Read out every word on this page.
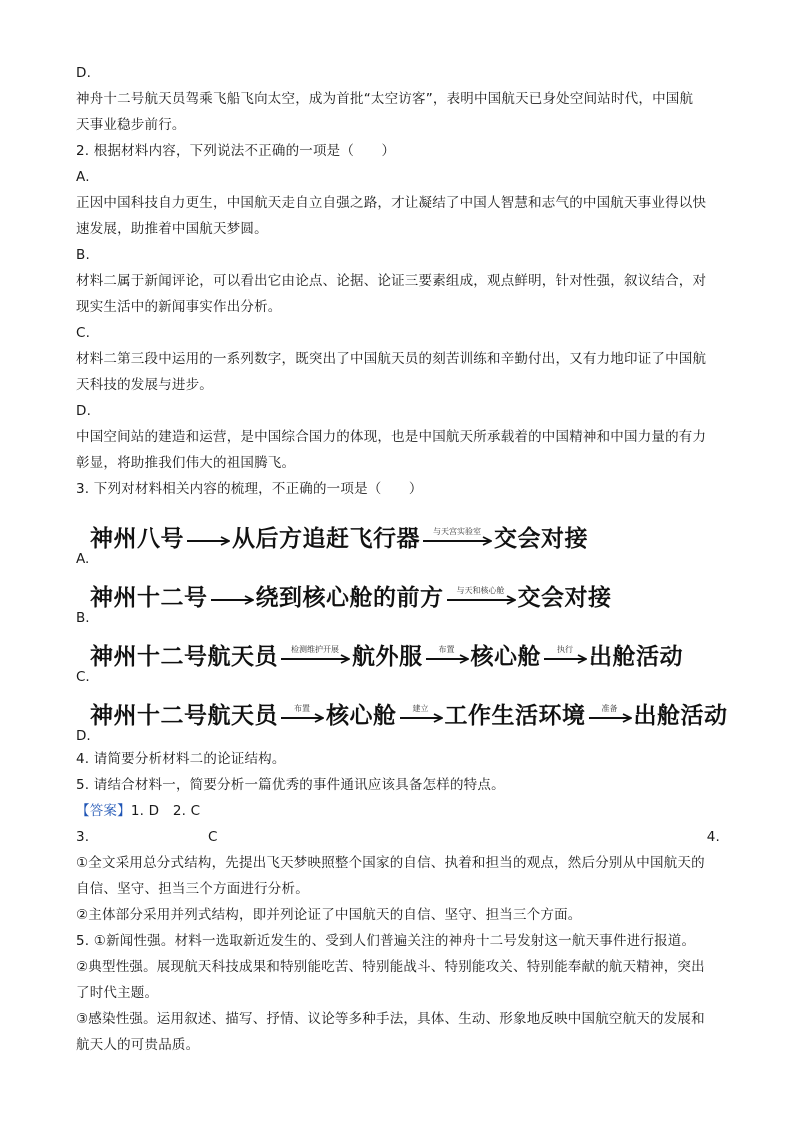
D.
神舟十二号航天员驾乘飞船飞向太空，成为首批“太空访客”，表明中国航天已身处空间站时代，中国航
天事业稳步前行。
2. 根据材料内容，下列说法不正确的一项是（　　）
A.
正因中国科技自力更生，中国航天走自立自强之路，才让凝结了中国人智慧和志气的中国航天事业得以快
速发展，助推着中国航天梦圆。
B.
材料二属于新闻评论，可以看出它由论点、论据、论证三要素组成，观点鲜明，针对性强，叙议结合，对
现实生活中的新闻事实作出分析。
C.
材料二第三段中运用的一系列数字，既突出了中国航天员的刻苦训练和辛勤付出，又有力地印证了中国航
天科技的发展与进步。
D.
中国空间站的建造和运营，是中国综合国力的体现，也是中国航天所承载着的中国精神和中国力量的有力
彰显，将助推我们伟大的祖国腾飞。
3. 下列对材料相关内容的梳理，不正确的一项是（　　）
A.
神州八号 从后方追赶飞行器 与天宫实验室 交会对接
B.
神州十二号 绕到核心舱的前方 与天和核心舱 交会对接
C.
神州十二号航天员 检测维护开展 航外服 布置 核心舱 执行 出舱活动
D.
神州十二号航天员 布置 核心舱 建立 工作生活环境 准备 出舱活动
4. 请简要分析材料二的论证结构。
5. 请结合材料一，简要分析一篇优秀的事件通讯应该具备怎样的特点。
【答案】1. D　2. C
3.	C	4.
①全文采用总分式结构，先提出飞天梦映照整个国家的自信、执着和担当的观点，然后分别从中国航天的
自信、坚守、担当三个方面进行分析。
②主体部分采用并列式结构，即并列论证了中国航天的自信、坚守、担当三个方面。
5. ①新闻性强。材料一选取新近发生的、受到人们普遍关注的神舟十二号发射这一航天事件进行报道。
②典型性强。展现航天科技成果和特别能吃苦、特别能战斗、特别能攻关、特别能奉献的航天精神，突出
了时代主题。
③感染性强。运用叙述、描写、抒情、议论等多种手法，具体、生动、形象地反映中国航空航天的发展和
航天人的可贵品质。
